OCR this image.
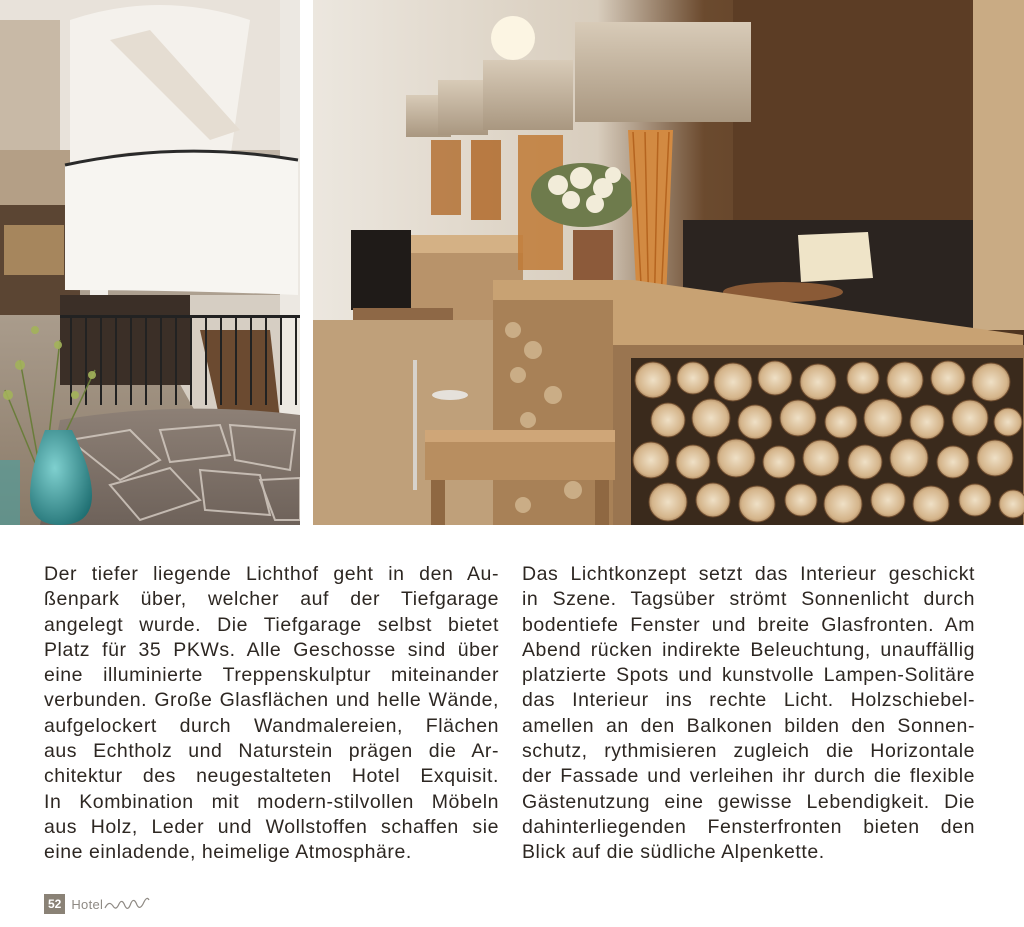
Der tiefer liegende Lichthof geht in den Au-
ßenpark über, welcher auf der Tiefgarage
angelegt wurde. Die Tiefgarage selbst bietet
Platz für 35 PKWs. Alle Geschosse sind über
eine illuminierte Treppenskulptur miteinander
verbunden. Große Glasflächen und helle Wände,
aufgelockert durch Wandmalereien, Flächen
aus Echtholz und Naturstein prägen die Ar-
chitektur des neugestalteten Hotel Exquisit.
In Kombination mit modern-stilvollen Möbeln
aus Holz, Leder und Wollstoffen schaffen sie
eine einladende, heimelige Atmosphäre.

Das Lichtkonzept setzt das Interieur geschickt
in Szene. Tagsüber strömt Sonnenlicht durch
bodentiefe Fenster und breite Glasfronten. Am
Abend rücken indirekte Beleuchtung, unauffällig
platzierte Spots und kunstvolle Lampen-Solitäre
das Interieur ins rechte Licht. Holzschiebel-
amellen an den Balkonen bilden den Sonnen-
schutz, rythmisieren zugleich die Horizontale
der Fassade und verleihen ihr durch die flexible
Gästenutzung eine gewisse Lebendigkeit. Die
dahinterliegenden Fensterfronten bieten den
Blick auf die südliche Alpenkette.

52 Hotel
